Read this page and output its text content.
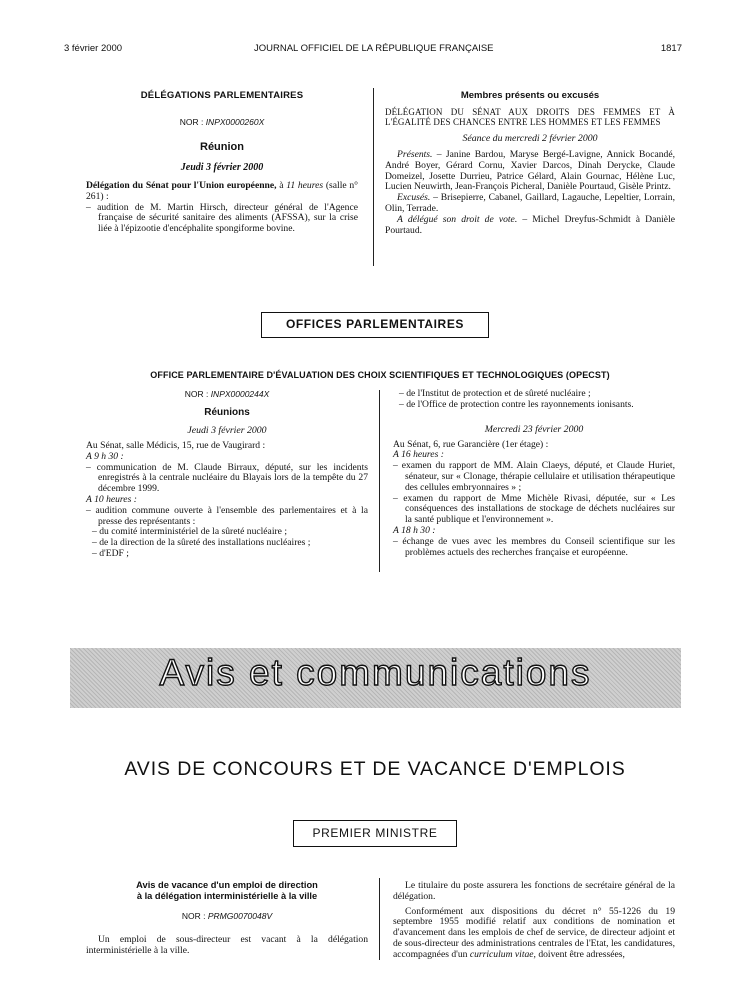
3 février 2000	JOURNAL OFFICIEL DE LA RÉPUBLIQUE FRANÇAISE	1817
DÉLÉGATIONS PARLEMENTAIRES
NOR : INPX0000260X
Réunion
Jeudi 3 février 2000

Délégation du Sénat pour l'Union européenne, à 11 heures (salle n° 261) :

– audition de M. Martin Hirsch, directeur général de l'Agence française de sécurité sanitaire des aliments (AFSSA), sur la crise liée à l'épizootie d'encéphalite spongiforme bovine.

Membres présents ou excusés

DÉLÉGATION DU SÉNAT AUX DROITS DES FEMMES ET À L'ÉGALITÉ DES CHANCES ENTRE LES HOMMES ET LES FEMMES

Séance du mercredi 2 février 2000

Présents. – Janine Bardou, Maryse Bergé-Lavigne, Annick Bocandé, André Boyer, Gérard Cornu, Xavier Darcos, Dinah Derycke, Claude Domeizel, Josette Durrieu, Patrice Gélard, Alain Gournac, Hélène Luc, Lucien Neuwirth, Jean-François Picheral, Danièle Pourtaud, Gisèle Printz.

Excusés. – Brisepierre, Cabanel, Gaillard, Lagauche, Lepeltier, Lorrain, Olin, Terrade.

A délégué son droit de vote. – Michel Dreyfus-Schmidt à Danièle Pourtaud.

OFFICES PARLEMENTAIRES
OFFICE PARLEMENTAIRE D'ÉVALUATION DES CHOIX SCIENTIFIQUES ET TECHNOLOGIQUES (OPECST)
NOR : INPX0000244X
Réunions
Jeudi 3 février 2000

Au Sénat, salle Médicis, 15, rue de Vaugirard :

A 9 h 30 :

– communication de M. Claude Birraux, député, sur les incidents enregistrés à la centrale nucléaire du Blayais lors de la tempête du 27 décembre 1999.

A 10 heures :

– audition commune ouverte à l'ensemble des parlementaires et à la presse des représentants :

– du comité interministériel de la sûreté nucléaire ;

– de la direction de la sûreté des installations nucléaires ;

– d'EDF ;

– de l'Institut de protection et de sûreté nucléaire ;

– de l'Office de protection contre les rayonnements ionisants.

Mercredi 23 février 2000

Au Sénat, 6, rue Garancière (1er étage) :

A 16 heures :

– examen du rapport de MM. Alain Claeys, député, et Claude Huriet, sénateur, sur « Clonage, thérapie cellulaire et utilisation thérapeutique des cellules embryonnaires » ;

– examen du rapport de Mme Michèle Rivasi, députée, sur « Les conséquences des installations de stockage de déchets nucléaires sur la santé publique et l'environnement ».

A 18 h 30 :

– échange de vues avec les membres du Conseil scientifique sur les problèmes actuels des recherches française et européenne.

Avis et communications
AVIS DE CONCOURS ET DE VACANCE D'EMPLOIS
PREMIER MINISTRE
Avis de vacance d'un emploi de direction
à la délégation interministérielle à la ville
NOR : PRMG0070048V

Un emploi de sous-directeur est vacant à la délégation interministérielle à la ville.

Le titulaire du poste assurera les fonctions de secrétaire général de la délégation.

Conformément aux dispositions du décret n° 55-1226 du 19 septembre 1955 modifié relatif aux conditions de nomination et d'avancement dans les emplois de chef de service, de directeur adjoint et de sous-directeur des administrations centrales de l'Etat, les candidatures, accompagnées d'un curriculum vitae, doivent être adressées,
